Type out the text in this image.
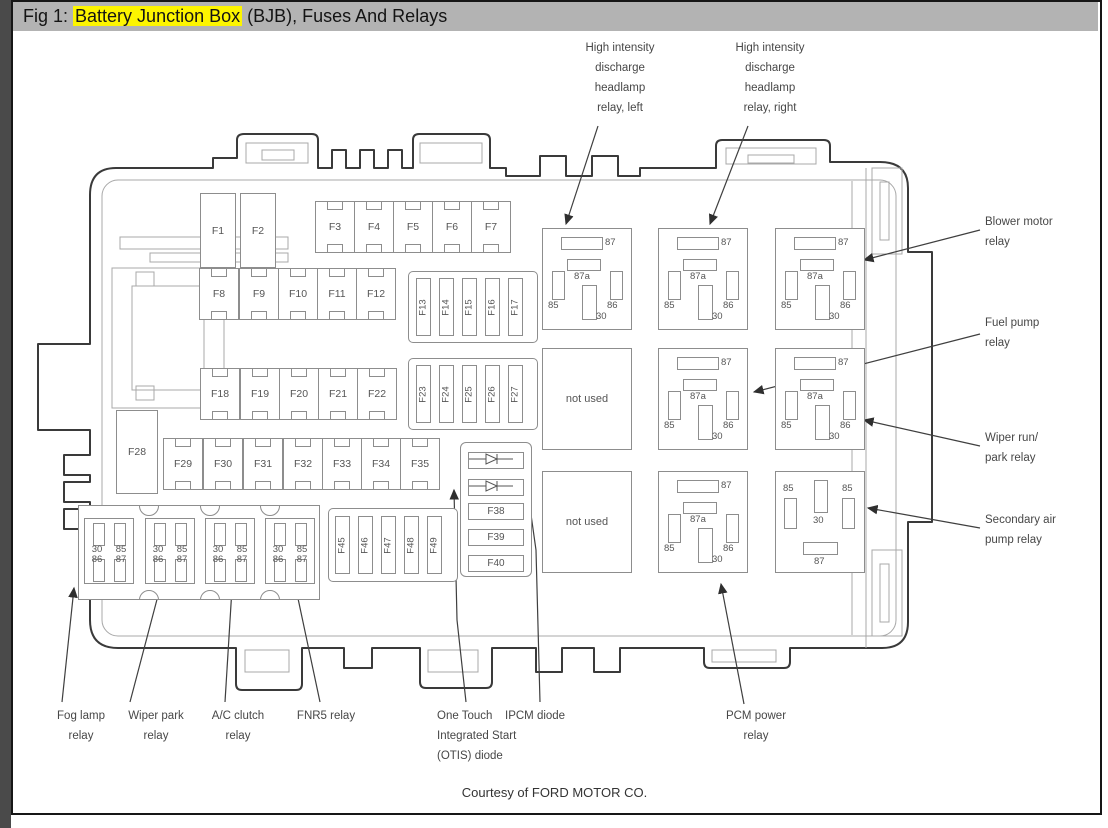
Fig 1: Battery Junction Box (BJB), Fuses And Relays
F1	F2
F28
F3	F4	F5	F6	F7
F8	F9 F10 F11 F12
F18 F19 F20 F21 F22
F29 F30 F31 F32 F33 F34 F35
F13 F14 F15 F16 F17
F23 F24 F25 F26 F27
F45 F46 F47 F48 F49
F38
F39
F40
30 85
86 87
30 85
86 87
30 85
86 87
30 85
86 87
87
87a
85	86
30
87
87a
85	86
30
87
87a
85	86
30
not used
87
87a
85	86
30
87
87a
85	86
30
not used
87
87a
85	86
30
85
30
85
87
High intensity
discharge
headlamp
relay, left
High intensity
discharge
headlamp
relay, right
Blower motor
relay
Fuel pump
relay
Wiper run/
park relay
Secondary air
pump relay
Fog lamp
relay
Wiper park
relay
A/C clutch
relay
FNR5 relay	One Touch
Integrated Start
(OTIS) diode
IPCM diode	PCM power
relay
Courtesy of FORD MOTOR CO.
